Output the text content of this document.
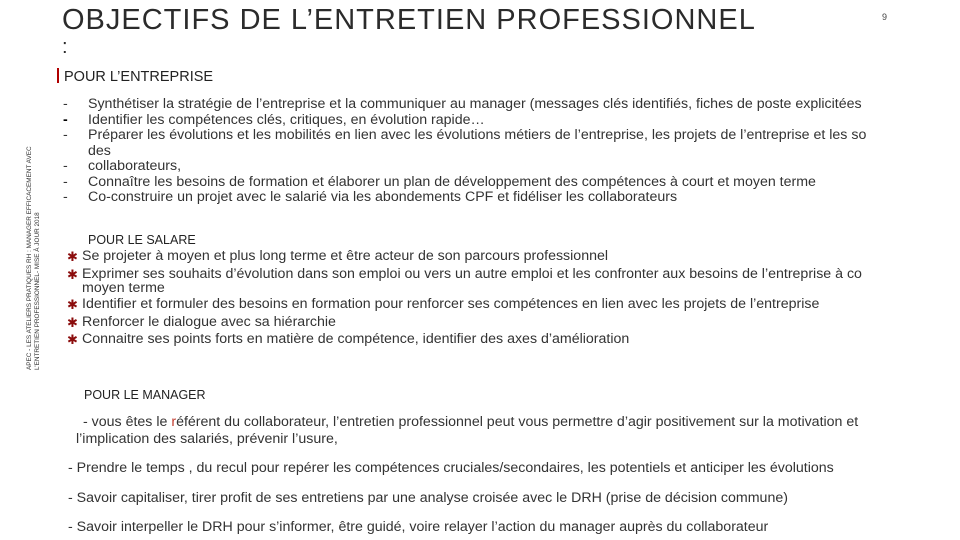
OBJECTIFS DE L’ENTRETIEN PROFESSIONNEL
:
9
APEC - LES ATELIERS PRATIQUES RH : MANAGER EFFICACEMENT AVEC L’ENTRETIEN PROFESSIONNEL- MISE À JOUR 2018
POUR L’ENTREPRISE
-	Synthétiser la stratégie de l’entreprise et la communiquer au manager (messages clés identifiés, fiches de poste explicitées
-	Identifier les compétences clés, critiques, en évolution rapide…
-	Préparer les évolutions et les mobilités en lien avec les évolutions métiers de l’entreprise, les projets de l’entreprise et les so
des
-	collaborateurs,
-	Connaître les besoins de formation et élaborer un plan de développement des compétences à court et moyen terme
-	Co-construire un projet avec le salarié via les abondements CPF et fidéliser les collaborateurs
POUR LE SALARE
✱ Se projeter à moyen et plus long terme et être acteur de son parcours professionnel
✱ Exprimer ses souhaits d’évolution dans son emploi ou vers un autre emploi et les confronter aux besoins de l’entreprise à co
moyen terme
✱ Identifier et formuler des besoins en formation pour renforcer ses compétences en lien avec les projets de l’entreprise
✱ Renforcer le dialogue avec sa hiérarchie
✱ Connaitre ses points forts en matière de compétence, identifier des axes d’amélioration
POUR LE MANAGER
- vous êtes le référent du collaborateur, l’entretien professionnel peut vous permettre d’agir positivement sur la motivation et
l’implication des salariés, prévenir l’usure,
- Prendre le temps , du recul pour repérer les compétences cruciales/secondaires, les potentiels et anticiper les évolutions
- Savoir capitaliser, tirer profit de ses entretiens par une analyse croisée avec le DRH (prise de décision commune)
- Savoir interpeller le DRH pour s’informer, être guidé, voire relayer l’action du manager auprès du collaborateur
